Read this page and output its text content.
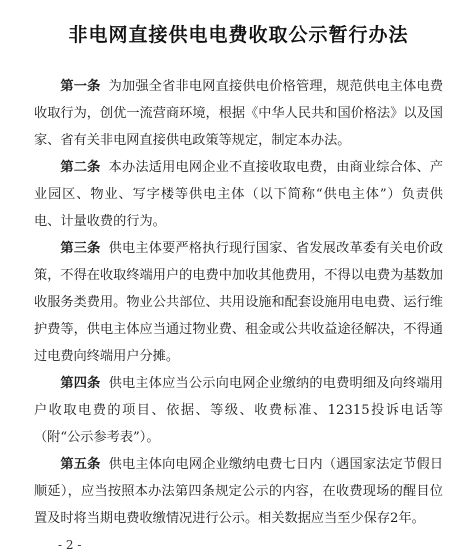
非电网直接供电电费收取公示暂行办法

第一条 为加强全省非电网直接供电价格管理，规范供电主体电费收取行为，创优一流营商环境，根据《中华人民共和国价格法》以及国家、省有关非电网直接供电政策等规定，制定本办法。

第二条 本办法适用电网企业不直接收取电费，由商业综合体、产业园区、物业、写字楼等供电主体（以下简称“供电主体”）负责供电、计量收费的行为。

第三条 供电主体要严格执行现行国家、省发展改革委有关电价政策，不得在收取终端用户的电费中加收其他费用，不得以电费为基数加收服务类费用。物业公共部位、共用设施和配套设施用电电费、运行维护费等，供电主体应当通过物业费、租金或公共收益途径解决，不得通过电费向终端用户分摊。

第四条 供电主体应当公示向电网企业缴纳的电费明细及向终端用户收取电费的项目、依据、等级、收费标准、12315投诉电话等（附“公示参考表”）。

第五条 供电主体向电网企业缴纳电费七日内（遇国家法定节假日顺延），应当按照本办法第四条规定公示的内容，在收费现场的醒目位置及时将当期电费收缴情况进行公示。相关数据应当至少保存2年。

- 2 -
